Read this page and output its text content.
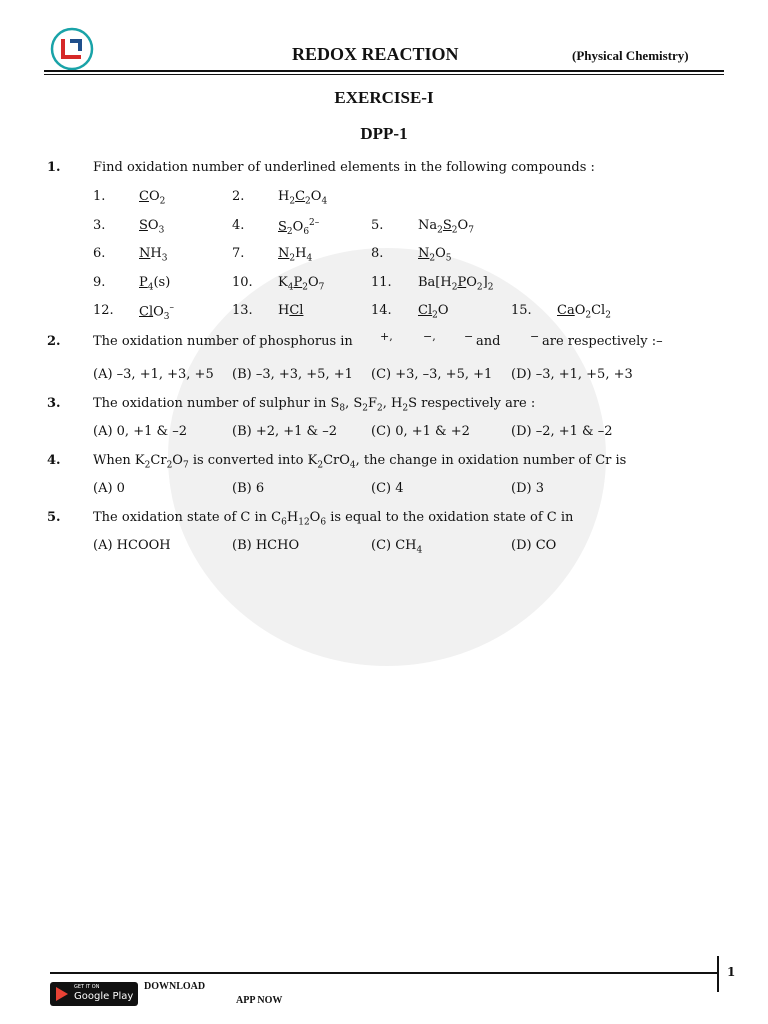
REDOX REACTION	(Physical Chemistry)
EXERCISE-I
DPP-1
1. Find oxidation number of underlined elements in the following compounds :
1.	$CO_2$	2.	$H_2C_2O_4$
3.	$SO_3$	4.	$S_2O_6^{2-}$	5.	$Na_2S_2O_7$
6.	$NH_3$	7.	$N_2H_4$	8.	$N_2O_5$
9.	$P_4(s)$	10. $K_4P_2O_7$	11. $Ba[H_2PO_2]_2$
12. ClO$_3$–	13. HCl	14. $Cl_2O$	15. $CaO_2Cl_2$
2. The oxidation number of phosphorus in +,	−,	− and	− are respectively :–
(A) –3, +1, +3, +5 (B) –3, +3, +5, +1 (C) +3, –3, +5, +1 (D) –3, +1, +5, +3
3. The oxidation number of sulphur in $S_8$, $S_2F_2$, $H_2S$ respectively are :
(A) 0, +1 & –2	(B) +2, +1 & –2	(C) 0, +1 & +2	(D) –2, +1 & –2
4. When $K_2Cr_2O_7$ is converted into $K_2CrO_4$, the change in oxidation number of Cr is
(A) 0	(B) 6	(C) 4	(D) 3
5. The oxidation state of C in $C_6H_{12}O_6$ is equal to the oxidation state of C in
(A) HCOOH	(B) HCHO	(C) $CH_4$	(D) CO
1
GET IT ON
Google Play
DOWNLOAD
APP NOW
